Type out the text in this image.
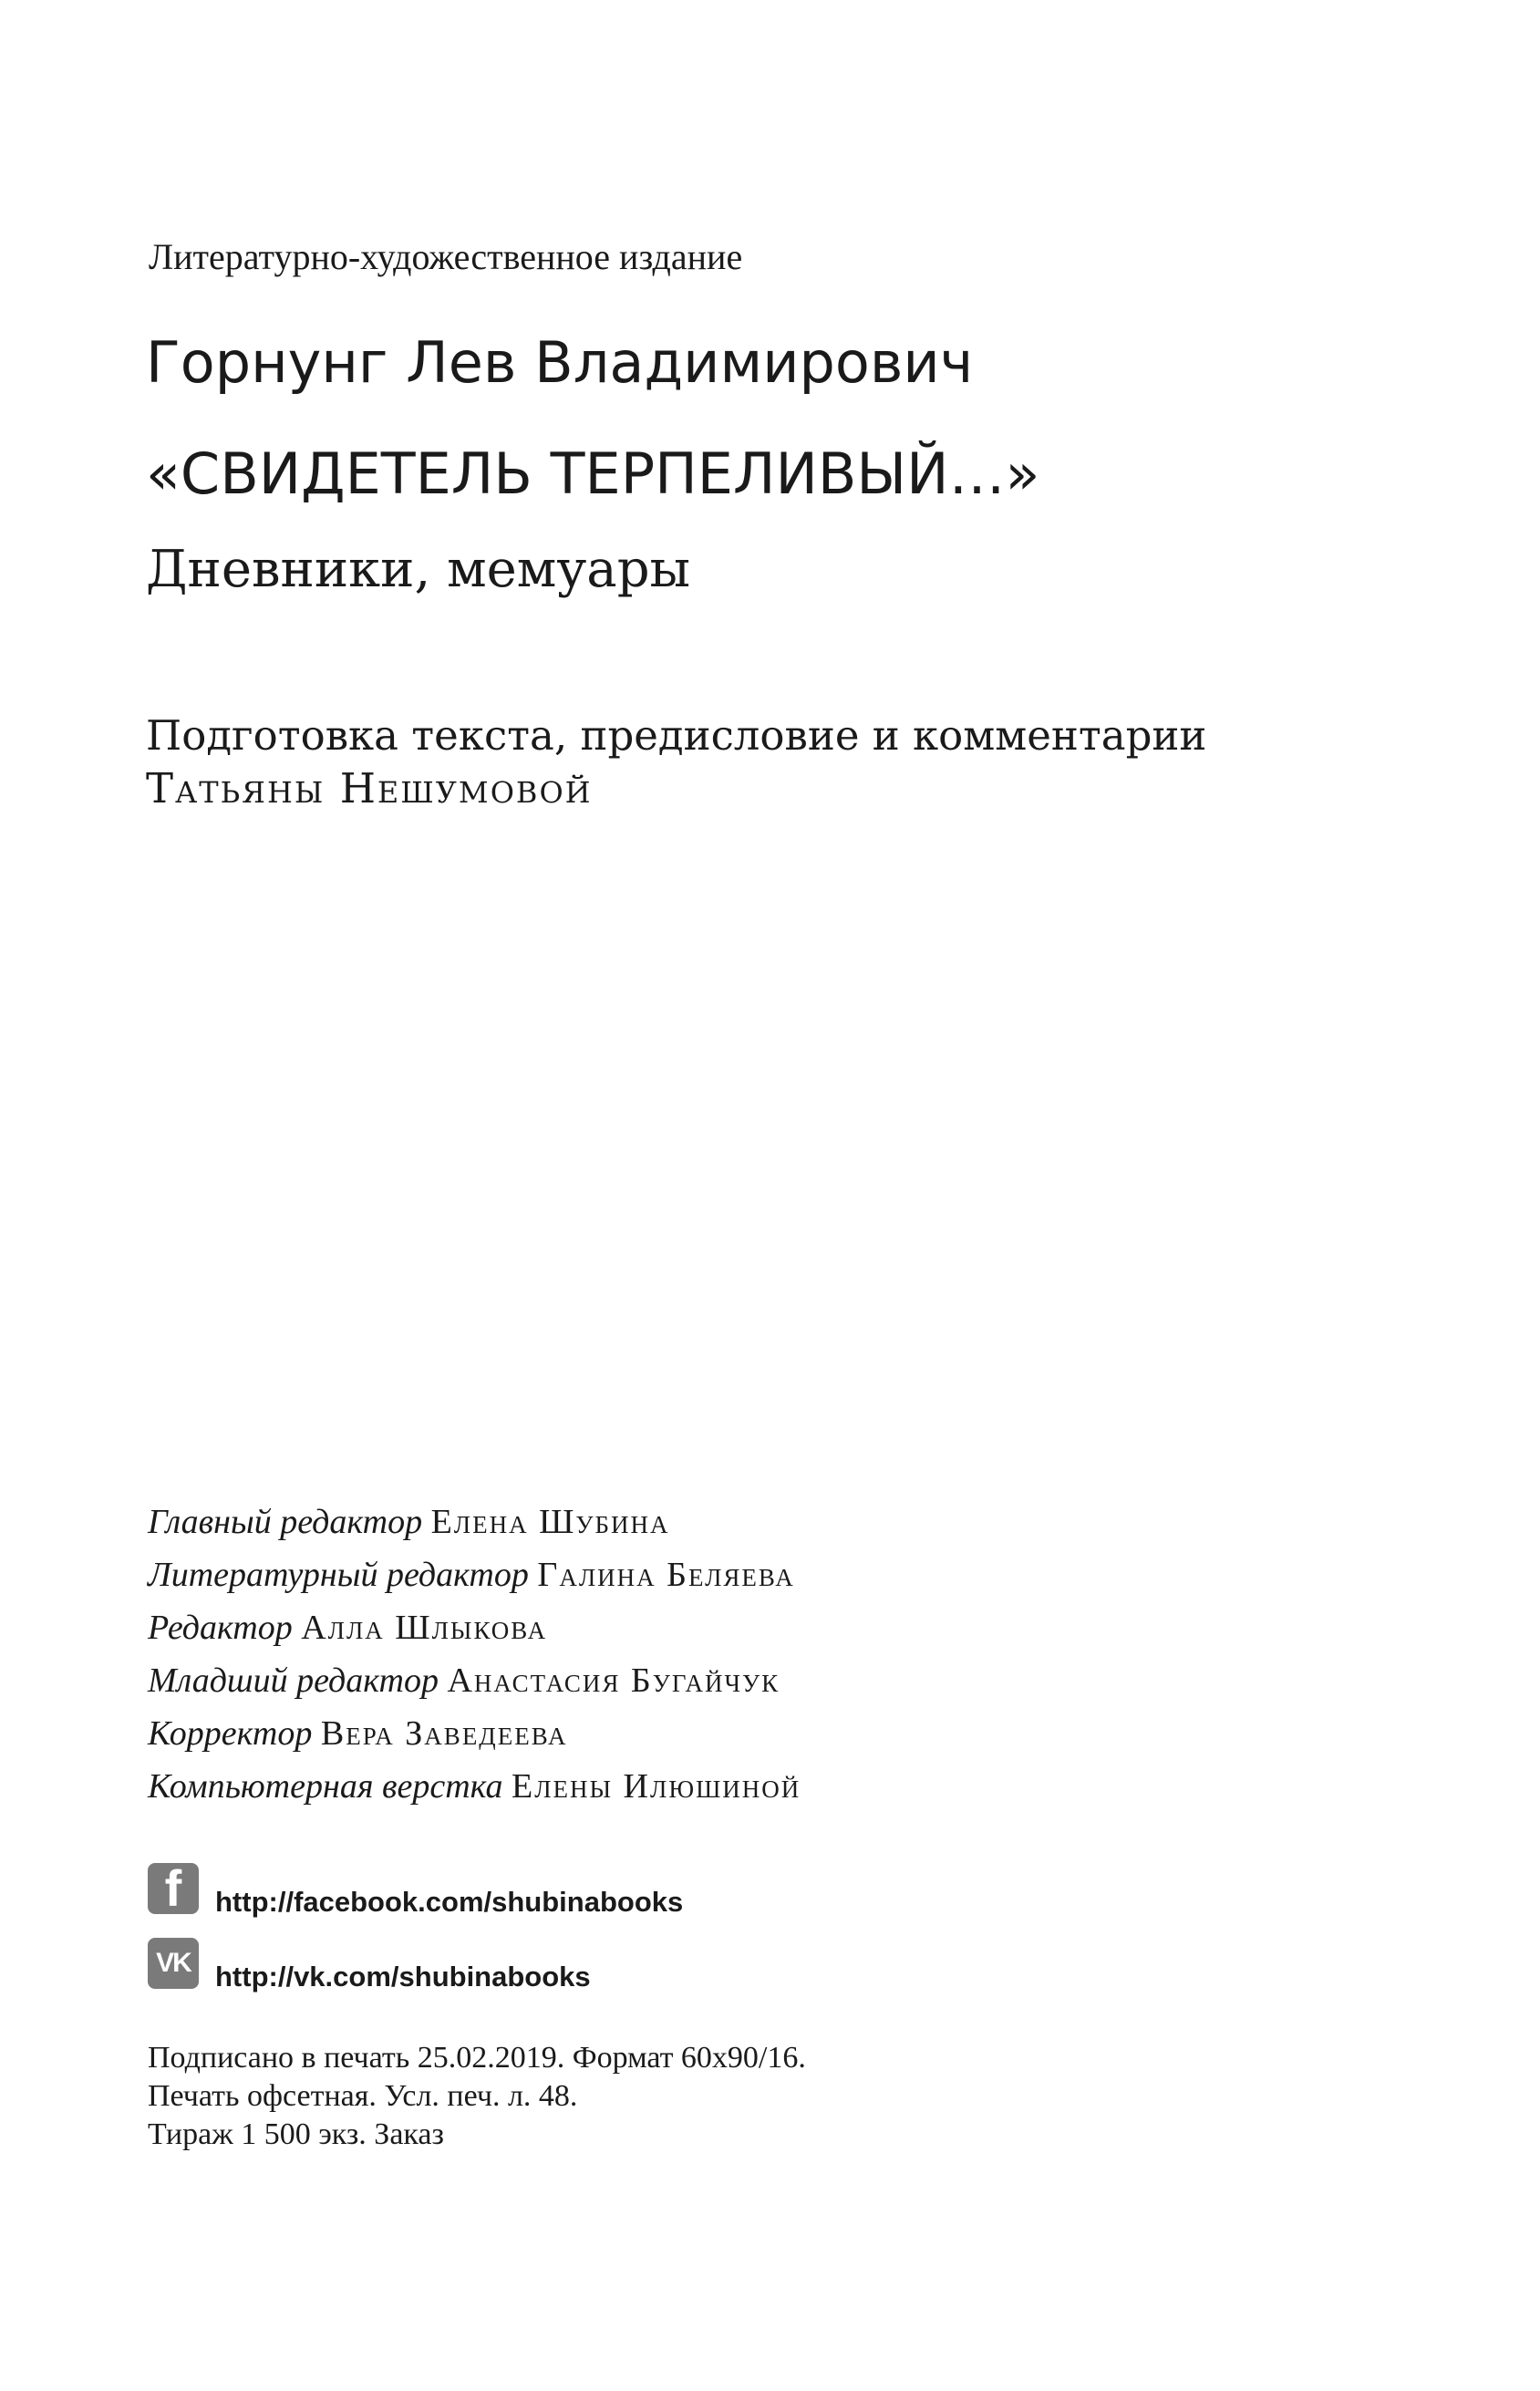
Литературно-художественное издание
Горнунг Лев Владимирович
«СВИДЕТЕЛЬ ТЕРПЕЛИВЫЙ…»
Дневники, мемуары
Подготовка текста, предисловие и комментарии
Татьяны Нешумовой
Главный редактор Елена Шубина
Литературный редактор Галина Беляева
Редактор Алла Шлыкова
Младший редактор Анастасия Бугайчук
Корректор Вера Заведеева
Компьютерная верстка Елены Илюшиной
f	http://facebook.com/shubinabooks
VK http://vk.com/shubinabooks
Подписано в печать 25.02.2019. Формат 60х90/16.
Печать офсетная. Усл. печ. л. 48.
Тираж 1 500 экз. Заказ
